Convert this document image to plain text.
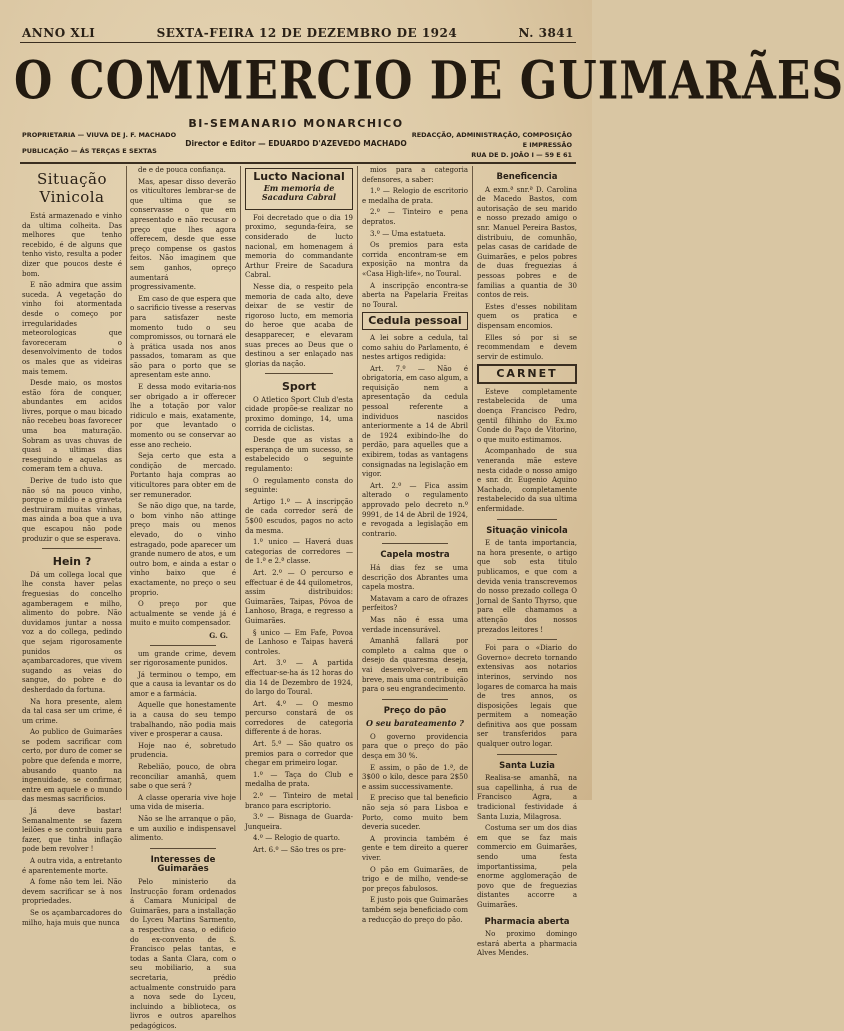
ANNO XLI	SEXTA-FEIRA 12 DE DEZEMBRO DE 1924	N. 3841
O COMMERCIO DE GUIMARÃES
BI-SEMANARIO MONARCHICO
PROPRIETARIA — VIUVA DE J. F. MACHADO
PUBLICAÇÃO — ÁS TERÇAS E SEXTAS
REDACÇÃO, ADMINISTRAÇÃO, COMPOSIÇÃO
E IMPRESSÃO
RUA DE D. JOÃO I — 59 E 61
Director e Editor — EDUARDO D'AZEVEDO MACHADO
Situação Vinicola

Está armazenado e vinho da ultima colheita. Das melhores que tenho recebido, é de alguns que tenho visto, resulta a poder dizer que poucos deste é bom.

E não admira que assim suceda. A vegetação do vinho foi atormentada desde o começo por irregularidades meteorologicas que favoreceram o desenvolvimento de todos os males que as videiras mais temem.

Desde maio, os mostos estão fóra de conquer, abundantes em acidos livres, porque o mau bicado não recebeu boas favorecer uma boa maturação. Sobram as uvas chuvas de quasi a ultimas dias reseguindo e aquelas as comeram tem a chuva.

Derive de tudo isto que não só na pouco vinho, porque o mildio e a graveta destruiram muitas vinhas, mas ainda a boa que a uva que escapou não pode produzir o que se esperava.

Hein ?

Dá um collega local que lhe consta haver pelas freguesias do concelho agamberagem e milho, alimento do pobre. Não duvidamos juntar a nossa voz a do collega, pedindo que sejam rigorosamente punidos os açambarcadores, que vivem sugando as veias do sangue, do pobre e do desherdado da fortuna.

Na hora presente, alem da tal casa ser um crime, é um crime.

Ao publico de Guimarães se podem sacrificar com certo, por duro de comer se pobre que defenda e morre, abusando quanto na ingenuidade, se confirmar, entre em aquele e o mundo das mesmas sacrificios.

Já deve bastar! Semanalmente se fazem leilões e se contribuiu para fazer, que tinha inflação pode bem revolver !

A outra vida, a entretanto é aparentemente morte.

A fome não tem lei. Não devem sacrificar se à nos propriedades.

Se os açambarcadores do milho, haja muis que nunca

de e de pouca confiança.

Mas, apesar disso deverão os viticultores lembrar-se de que ultima que se conservasse o que em apresentado e não recusar o preço que lhes agora offerecem, desde que esse preço compense os gastos feitos. Não imaginem que sem ganhos, opreço aumentará progressivamente.

Em caso de que espera que o sacrificio tivesse a reservas para satisfazer neste momento tudo o seu compromissos, ou tornará ele à prática usada nos anos passados, tomaram as que são para o porto que se apresentam este anno.

E dessa modo evitaria-nos ser obrigado a ir offerecer lhe a totação por valor ridiculo e mais, exatamente, por que levantado o momento ou se conservar ao esse ano recheio.

Seja certo que esta a condição de mercado. Portanto haja compras ao viticultores para obter em de ser remunerador.

Se não digo que, na tarde, o bom vinho não attinge preço mais ou menos elevado, do o vinho estragado, pode aparecer um grande numero de atos, e um outro bom, e ainda a estar o vinho baixo que é exactamente, no preço o seu proprio.

O preço por que actualmente se vende já é muito e muito compensador.

G. G.

um grande crime, devem ser rigorosamente punidos.

Já terminou o tempo, em que a causa ia levantar os do amor e a farmácia.

Aquelle que honestamente ia a causa do seu tempo trabalhando, não podia mais viver e prosperar a causa.

Hoje nao é, sobretudo prudencia.

Rebelião, pouco, de obra reconciliar amanhã, quem sabe o que será ?

A classe operaria vive hoje uma vida de miseria.

Não se lhe arranque o pão, e um auxilio e indispensavel alimento.

Interesses de Guimarães

Pelo ministerio da Instrucção foram ordenados á Camara Municipal de Guimarães, para a installação do Lyceu Martins Sarmento, a respectiva casa, o edificio do ex-convento de S. Francisco pelas tantas, e todas a Santa Clara, com o seu mobiliario, a sua secretaria, prédio actualmente construido para a nova sede do Lyceu, incluindo a biblioteca, os livros e outros aparelhos pedagógicos.

Lucto Nacional
Em memoria de Sacadura Cabral

Foi decretado que o dia 19 proximo, segunda-feira, se considerado de lucto nacional, em homenagem á memoria do commandante Arthur Freire de Sacadura Cabral.

Nesse dia, o respeito pela memoria de cada alto, deve deixar de se vestir de rigoroso lucto, em memoria do heroe que acaba de desapparecer, e elevaram suas preces ao Deus que o destinou a ser enlaçado nas glorias da nação.

Sport

O Atletico Sport Club d'esta cidade propõe-se realizar no proximo domingo, 14, uma corrida de ciclistas.

Desde que as vistas a esperança de um sucesso, se estabelecido o seguinte regulamento:

O regulamento consta do seguinte:

Artigo 1.º — A inscripção de cada corredor será de 5$00 escudos, pagos no acto da mesma.

1.º unico — Haverá duas categorias de corredores — de 1.ª e 2.ª classe.

Art. 2.º — O percurso e effectuar é de 44 quilometros, assim distribuidos: Guimarães, Taipas, Póvoa de Lanhoso, Braga, e regresso a Guimarães.

§ unico — Em Fafe, Povoa de Lanhoso e Taipas haverá controles.

Art. 3.º — A partida effectuar-se-ha ás 12 horas do dia 14 de Dezembro de 1924, do largo do Toural.

Art. 4.º — O mesmo percurso constará de os corredores de categoria differente á de horas.

Art. 5.º — São quatro os premios para o corredor que chegar em primeiro logar.

1.º — Taça do Club e medalha de prata.

2.º — Tinteiro de metal branco para escriptorio.

3.º — Bisnaga de Guarda-Junqueira.

4.º — Relogio de quarto.

Art. 6.º — São tres os pre-

mios para a categoria defensores, a saber:

1.º — Relogio de escritorio e medalha de prata.

2.º — Tinteiro e pena depratos.

3.º — Uma estatueta.

Os premios para esta corrida encontram-se em exposição na montra da «Casa High-life», no Toural.

A inscripção encontra-se aberta na Papelaria Freitas no Toural.

Cedula pessoal

A lei sobre a cedula, tal como sahiu do Parlamento, é nestes artigos redigida:

Art. 7.º — Não é obrigatoria, em caso algum, a requisição nem a apresentação da cedula pessoal referente a individuos nascidos anteriormente a 14 de Abril de 1924 exibindo-lhe do perdão, para aquelles que a exibirem, todas as vantagens consignadas na legislação em vigor.

Art. 2.º — Fica assim alterado o regulamento approvado pelo decreto n.º 9991, de 14 de Abril de 1924, e revogada a legislação em contrario.

Capela mostra

Há dias fez se uma descrição dos Abrantes uma capela mostra.

Matavam a caro de ofrazes perfeitos?

Mas não é essa uma verdade incensurável.

Amanhã fallará por completo a calma que o desejo da quaresma deseja, vai desenvolver-se, e em breve, mais uma contribuição para o seu engrandecimento.

Preço do pão
O seu barateamento ?

O governo providencia para que o preço do pão desça em 30 %.

E assim, o pão de 1.ª, de 3$00 o kilo, desce para 2$50 e assim successivamente.

E preciso que tal beneficio não seja só para Lisboa e Porto, como muito bem deveria suceder.

A provincia também é gente e tem direito a querer viver.

O pão em Guimarães, de trigo e de milho, vende-se por preços fabulosos.

E justo pois que Guimarães também seja beneficiado com a reducção do preço do pão.

Beneficencia

A exm.ª snr.ª D. Carolina de Macedo Bastos, com autorisação de seu marido e nosso prezado amigo o snr. Manuel Pereira Bastos, distribuiu, de comunhão, pelas casas de caridade de Guimarães, e pelos pobres de duas freguezias á pessoas pobres e de familias a quantia de 30 contos de reis.

Estes d'esses nobilitam quem os pratica e dispensam encomios.

Elles só por si se recommendam e devem servir de estimulo.

CARNET

Esteve completamente restabelecida de uma doença Francisco Pedro, gentil filhinho do Ex.mo Conde do Paço de Vitorino, o que muito estimamos.

Acompanhado de sua veneranda mãe esteve nesta cidade o nosso amigo e snr. dr. Eugenio Aquino Machado, completamente restabelecido da sua ultima enfermidade.

Situação vinicola

E de tanta importancia, na hora presente, o artigo que sob esta titulo publicamos, e que com a devida venia transcrevemos do nosso prezado collega O Jornal de Santo Thyrso, que para elle chamamos a attenção dos nossos prezados leitores !

Foi para o «Diario do Governo» decreto tornando extensivas aos notarios interinos, servindo nos logares de comarca ha mais de tres annos, os disposições legais que permitem a nomeação definitiva aos que possam ser transferidos para qualquer outro logar.

Santa Luzia

Realisa-se amanhã, na sua capellinha, á rua de Francisco Agra, a tradicional festividade á Santa Luzia, Milagrosa.

Costuma ser um dos dias em que se faz mais commercio em Guimarães, sendo uma festa importantissima, pela enorme agglomeração de povo que de freguezias distantes accorre a Guimarães.

Pharmacia aberta

No proximo domingo estará aberta a pharmacia Alves Mendes.
